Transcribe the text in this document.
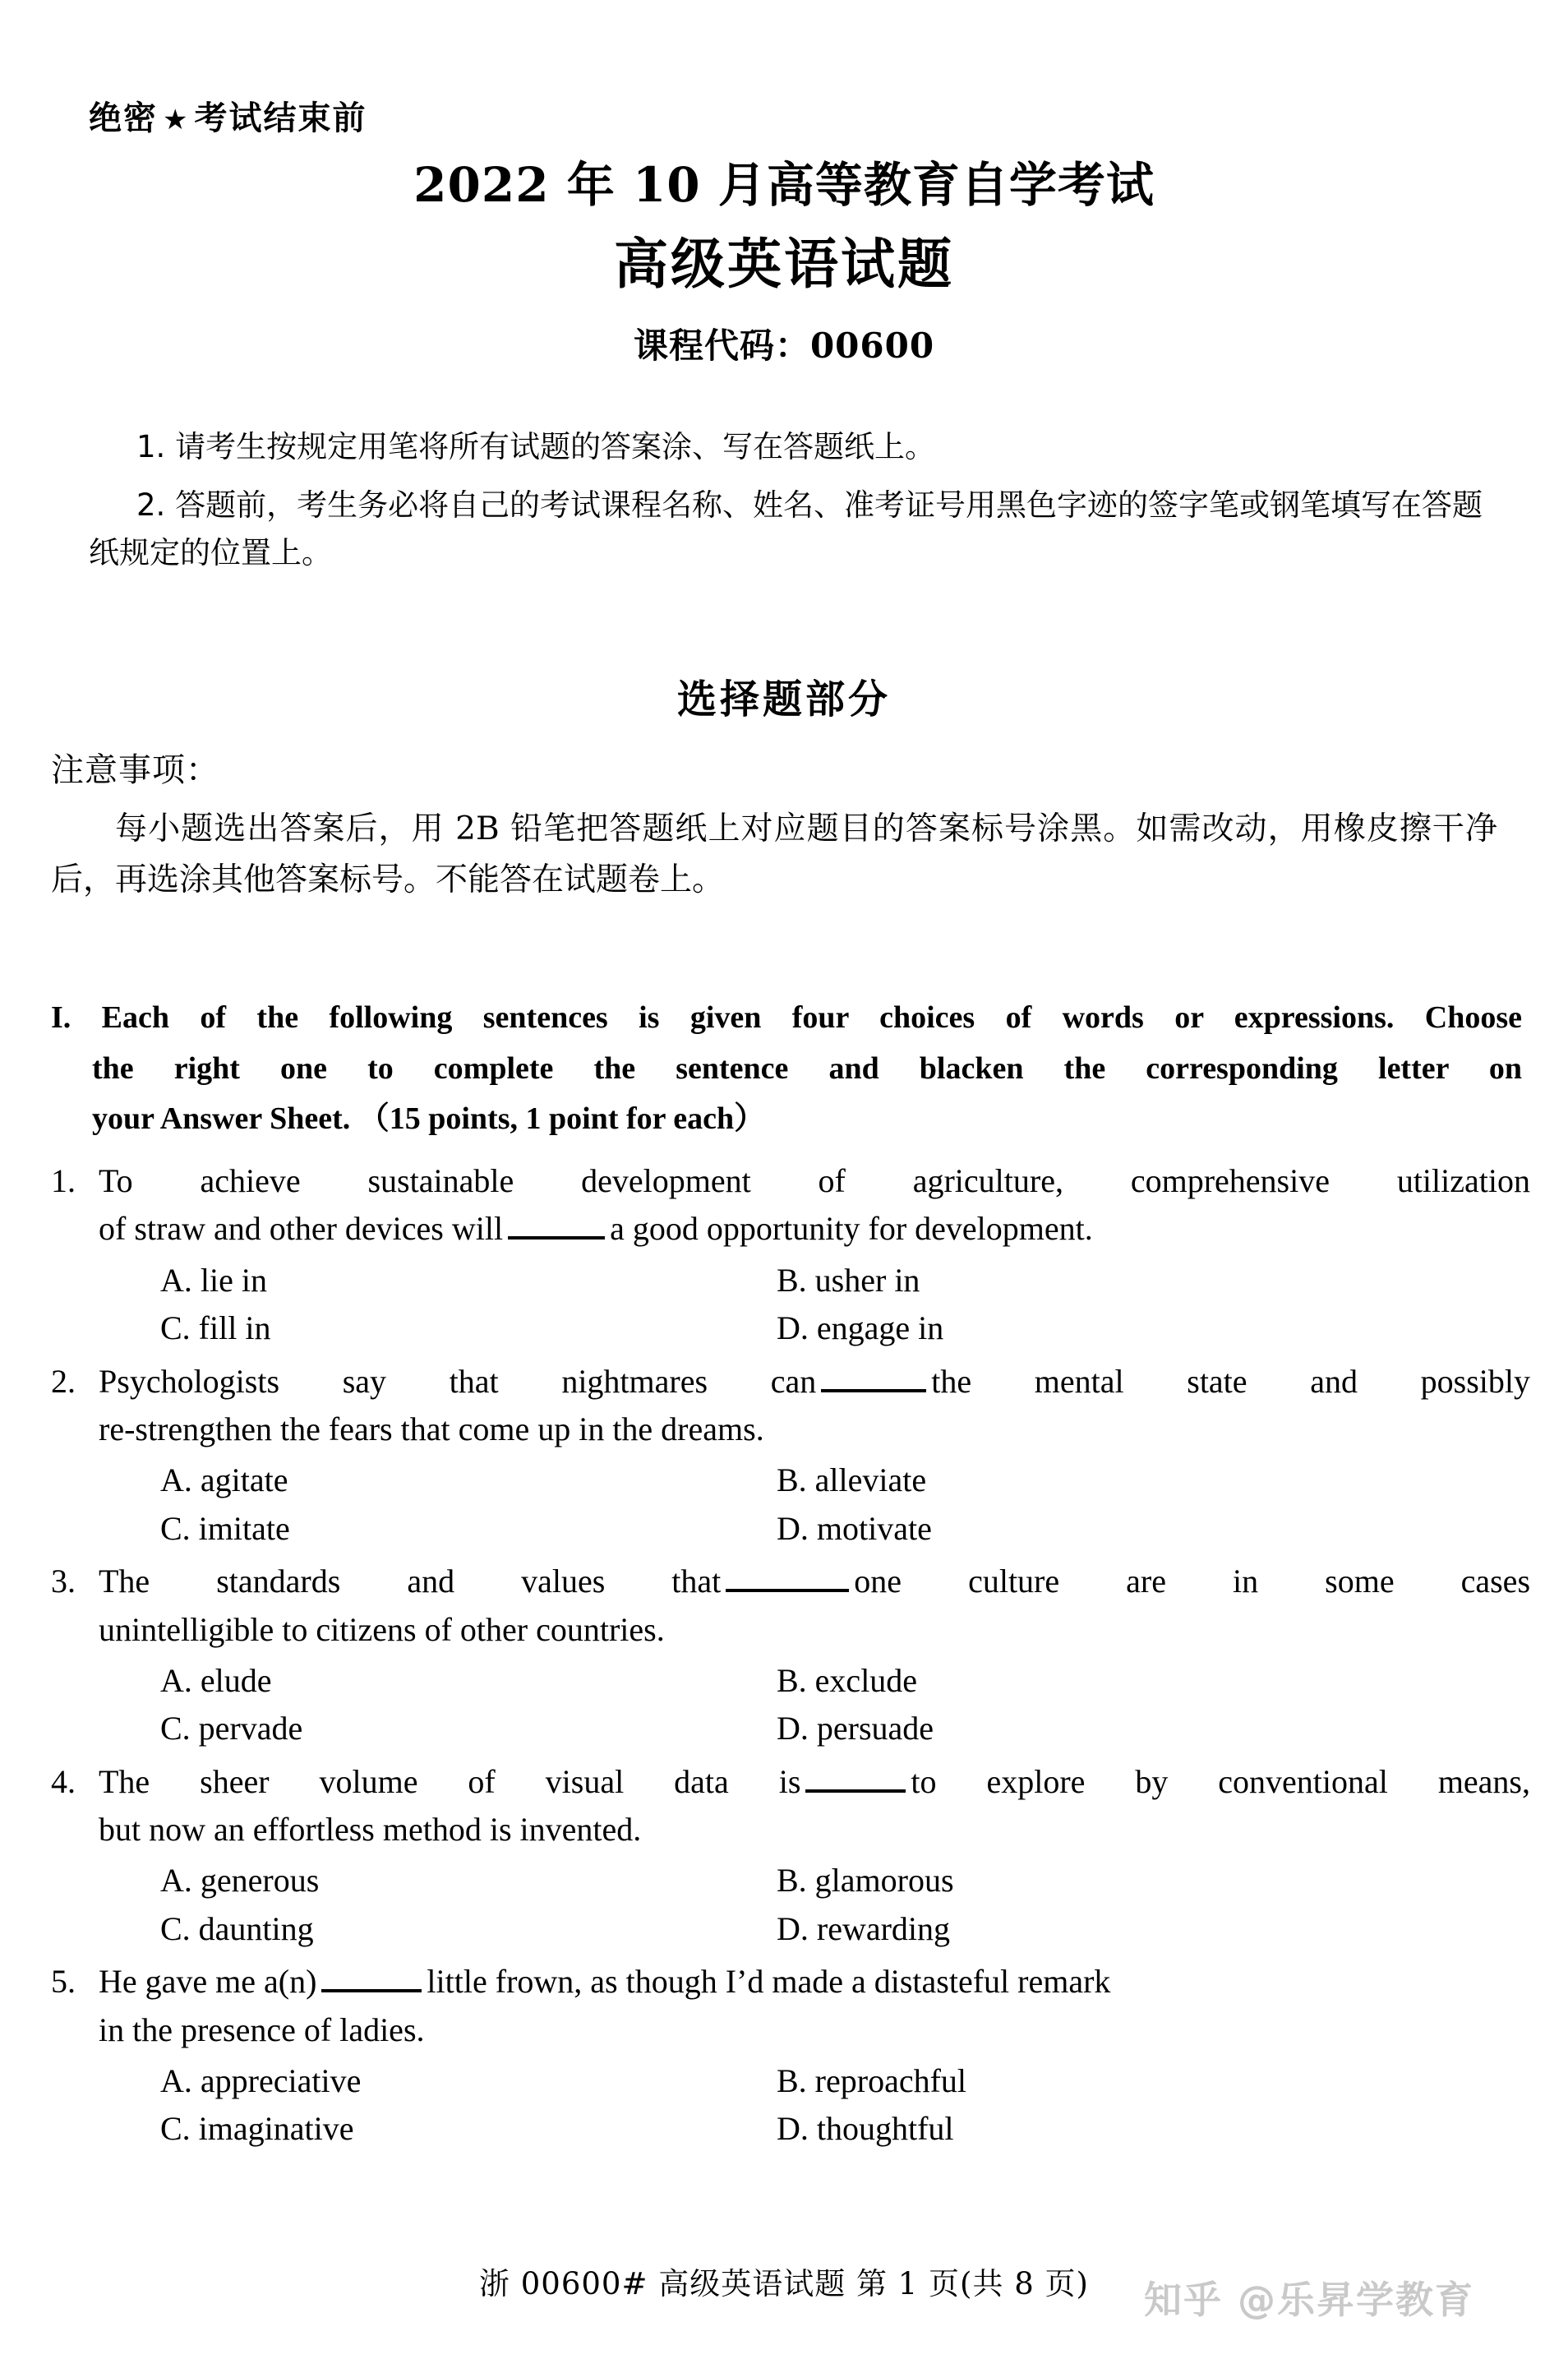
绝密 ★ 考试结束前
2022 年 10 月高等教育自学考试
高级英语试题
课程代码：00600
1. 请考生按规定用笔将所有试题的答案涂、写在答题纸上。
2. 答题前，考生务必将自己的考试课程名称、姓名、准考证号用黑色字迹的签字笔或钢笔填写在答题纸规定的位置上。
选择题部分
注意事项：
每小题选出答案后，用 2B 铅笔把答题纸上对应题目的答案标号涂黑。如需改动，用橡皮擦干净后，再选涂其他答案标号。不能答在试题卷上。
I. Each of the following sentences is given four choices of words or expressions. Choose
the right one to complete the sentence and blacken the corresponding letter on
your Answer Sheet. （15 points, 1 point for each）
1. To achieve sustainable development of agriculture, comprehensive utilization
of straw and other devices will	a good opportunity for development.
A. lie in	B. usher in
C. fill in	D. engage in
2. Psychologists say that nightmares can	the mental state and possibly
re-strengthen the fears that come up in the dreams.
A. agitate	B. alleviate
C. imitate	D. motivate
3. The standards and values that	one culture are in some cases
unintelligible to citizens of other countries.
A. elude	B. exclude
C. pervade	D. persuade
4. The sheer volume of visual data is	to explore by conventional means,
but now an effortless method is invented.
A. generous	B. glamorous
C. daunting	D. rewarding
5. He gave me a(n)	little frown, as though I’d made a distasteful remark
in the presence of ladies.
A. appreciative	B. reproachful
C. imaginative	D. thoughtful
浙 00600# 高级英语试题 第 1 页(共 8 页)	知乎 @乐昇学教育
